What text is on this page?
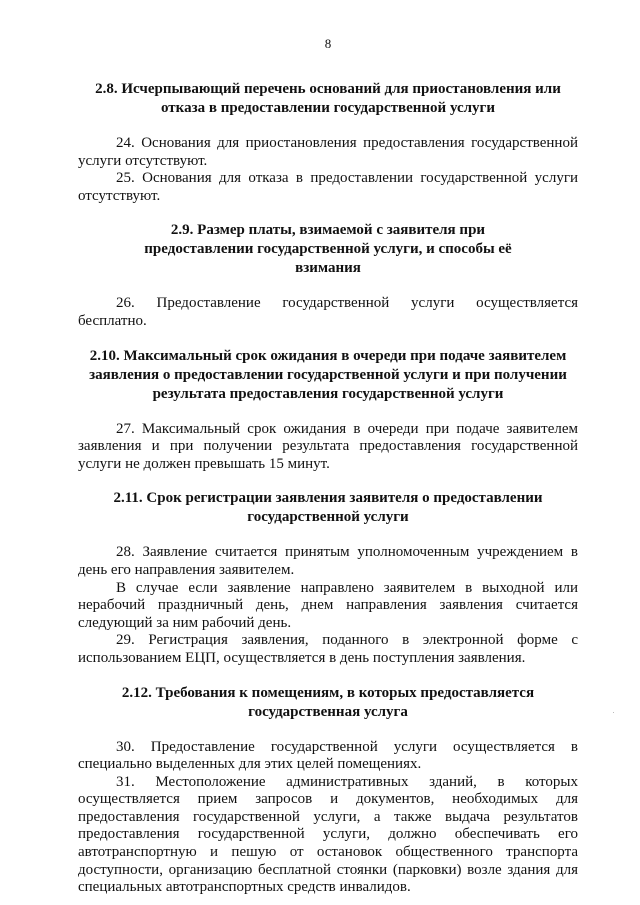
8
2.8. Исчерпывающий перечень оснований для приостановления или отказа в предоставлении государственной услуги

24. Основания для приостановления предоставления государственной услуги отсутствуют.

25. Основания для отказа в предоставлении государственной услуги отсутствуют.

2.9. Размер платы, взимаемой с заявителя при предоставлении государственной услуги, и способы её взимания

26. Предоставление государственной услуги осуществляется бесплатно.

2.10. Максимальный срок ожидания в очереди при подаче заявителем заявления о предоставлении государственной услуги и при получении результата предоставления государственной услуги

27. Максимальный срок ожидания в очереди при подаче заявителем заявления и при получении результата предоставления государственной услуги не должен превышать 15 минут.

2.11. Срок регистрации заявления заявителя о предоставлении государственной услуги

28. Заявление считается принятым уполномоченным учреждением в день его направления заявителем.

В случае если заявление направлено заявителем в выходной или нерабочий праздничный день, днем направления заявления считается следующий за ним рабочий день.

29. Регистрация заявления, поданного в электронной форме с использованием ЕЦП, осуществляется в день поступления заявления.

2.12. Требования к помещениям, в которых предоставляется государственная услуга

30. Предоставление государственной услуги осуществляется в специально выделенных для этих целей помещениях.

31. Местоположение административных зданий, в которых осуществляется прием запросов и документов, необходимых для предоставления государственной услуги, а также выдача результатов предоставления государственной услуги, должно обеспечивать его автотранспортную и пешую от остановок общественного транспорта доступности, организацию бесплатной стоянки (парковки) возле здания для специальных автотранспортных средств инвалидов.
